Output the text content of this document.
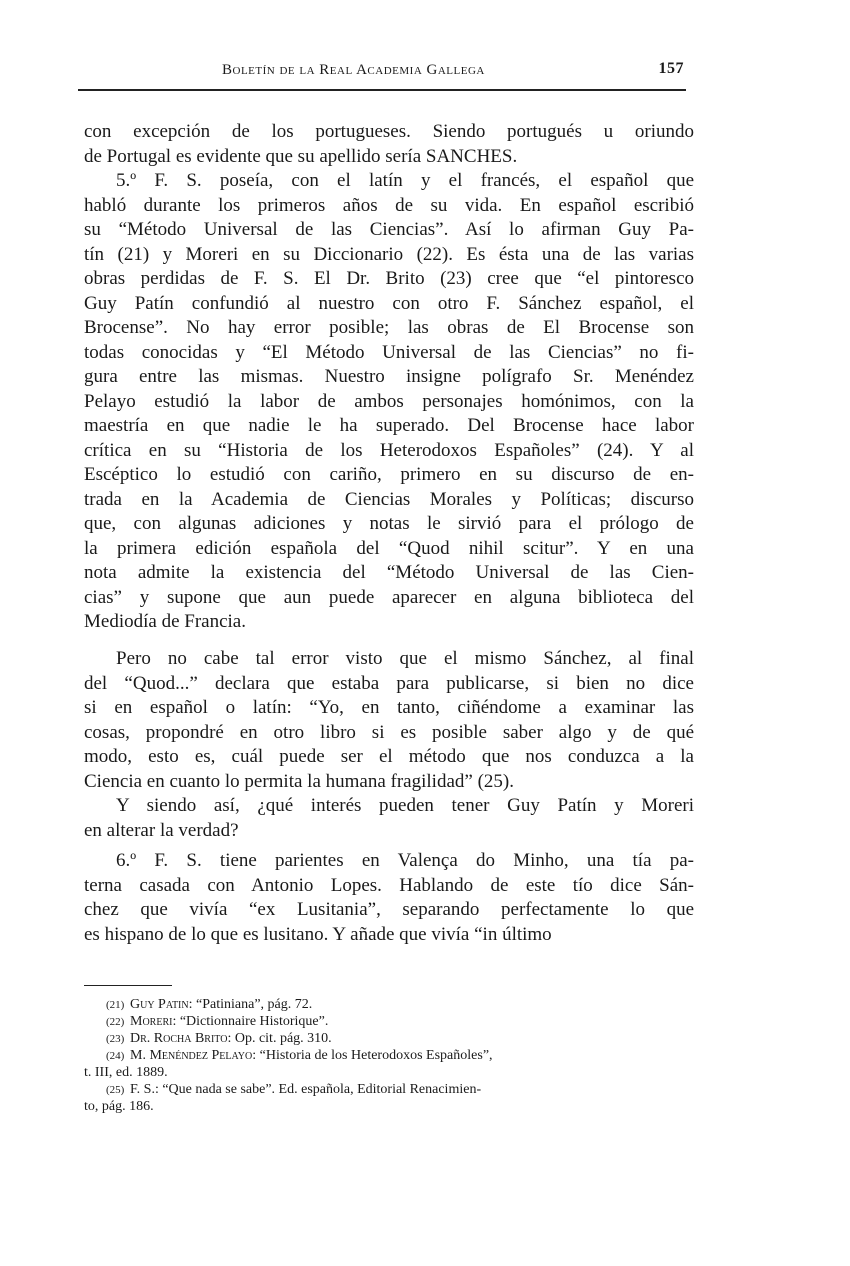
Boletín de la Real Academia Gallega	157
con excepción de los portugueses. Siendo portugués u oriundo
de Portugal es evidente que su apellido sería SANCHES.
5.º F. S. poseía, con el latín y el francés, el español que
habló durante los primeros años de su vida. En español escribió
su “Método Universal de las Ciencias”. Así lo afirman Guy Pa-
tín (21) y Moreri en su Diccionario (22). Es ésta una de las varias
obras perdidas de F. S. El Dr. Brito (23) cree que “el pintoresco
Guy Patín confundió al nuestro con otro F. Sánchez español, el
Brocense”. No hay error posible; las obras de El Brocense son
todas conocidas y “El Método Universal de las Ciencias” no fi-
gura entre las mismas. Nuestro insigne polígrafo Sr. Menéndez
Pelayo estudió la labor de ambos personajes homónimos, con la
maestría en que nadie le ha superado. Del Brocense hace labor
crítica en su “Historia de los Heterodoxos Españoles” (24). Y al
Escéptico lo estudió con cariño, primero en su discurso de en-
trada en la Academia de Ciencias Morales y Políticas; discurso
que, con algunas adiciones y notas le sirvió para el prólogo de
la primera edición española del “Quod nihil scitur”. Y en una
nota admite la existencia del “Método Universal de las Cien-
cias” y supone que aun puede aparecer en alguna biblioteca del
Mediodía de Francia.
Pero no cabe tal error visto que el mismo Sánchez, al final
del “Quod...” declara que estaba para publicarse, si bien no dice
si en español o latín: “Yo, en tanto, ciñéndome a examinar las
cosas, propondré en otro libro si es posible saber algo y de qué
modo, esto es, cuál puede ser el método que nos conduzca a la
Ciencia en cuanto lo permita la humana fragilidad” (25).
Y siendo así, ¿qué interés pueden tener Guy Patín y Moreri
en alterar la verdad?
6.º F. S. tiene parientes en Valença do Minho, una tía pa-
terna casada con Antonio Lopes. Hablando de este tío dice Sán-
chez que vivía “ex Lusitania”, separando perfectamente lo que
es hispano de lo que es lusitano. Y añade que vivía “in último
(21) Guy Patin: “Patiniana”, pág. 72.
(22) Moreri: “Dictionnaire Historique”.
(23) Dr. Rocha Brito: Op. cit. pág. 310.
(24) M. Menéndez Pelayo: “Historia de los Heterodoxos Españoles”,
t. III, ed. 1889.
(25) F. S.: “Que nada se sabe”. Ed. española, Editorial Renacimien-
to, pág. 186.
